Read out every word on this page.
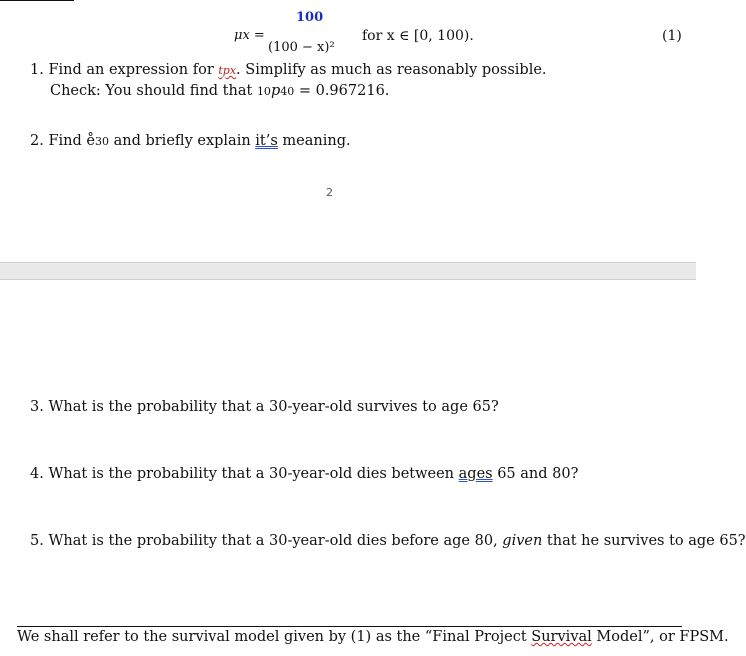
μx =
100
(100 − x)²
for x ∈ [0, 100).	(1)
1. Find an expression for tpx. Simplify as much as reasonably possible.
Check: You should find that 10p40 = 0.967216.
2. Find e̊30 and briefly explain it’s meaning.
2
3. What is the probability that a 30-year-old survives to age 65?
4. What is the probability that a 30-year-old dies between ages 65 and 80?
5. What is the probability that a 30-year-old dies before age 80, given that he survives to age 65?
We shall refer to the survival model given by (1) as the “Final Project Survival Model”, or FPSM.
